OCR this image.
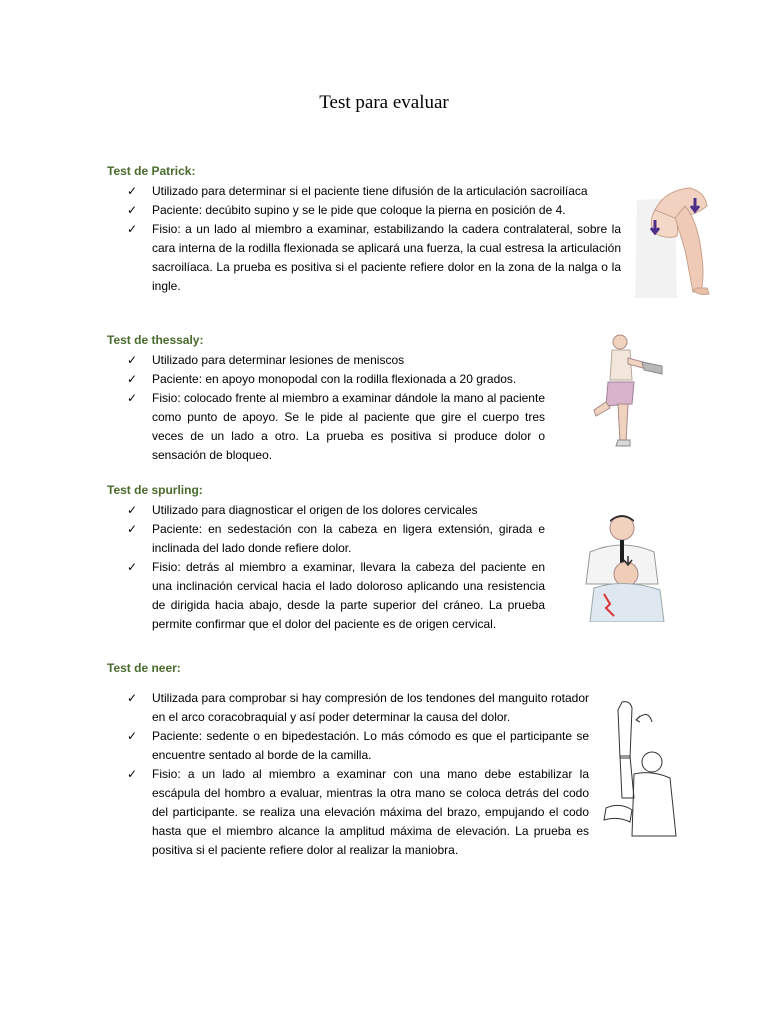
Test para evaluar
Test de Patrick:
✓	Utilizado para determinar si el paciente tiene difusión de la articulación sacroilíaca
✓	Paciente: decúbito supino y se le pide que coloque la pierna en posición de 4.
✓	Fisio: a un lado al miembro a examinar, estabilizando la cadera contralateral, sobre la cara interna de la rodilla flexionada se aplicará una fuerza, la cual estresa la articulación sacroilíaca. La prueba es positiva si el paciente refiere dolor en la zona de la nalga o la ingle.
Test de thessaly:
✓	Utilizado para determinar lesiones de meniscos
✓	Paciente: en apoyo monopodal con la rodilla flexionada a 20 grados.
✓	Fisio: colocado frente al miembro a examinar dándole la mano al paciente como punto de apoyo. Se le pide al paciente que gire el cuerpo tres veces de un lado a otro. La prueba es positiva si produce dolor o sensación de bloqueo.
Test de spurling:
✓	Utilizado para diagnosticar el origen de los dolores cervicales
✓	Paciente: en sedestación con la cabeza en ligera extensión, girada e inclinada del lado donde refiere dolor.
✓	Fisio: detrás al miembro a examinar, llevara la cabeza del paciente en una inclinación cervical hacia el lado doloroso aplicando una resistencia de dirigida hacia abajo, desde la parte superior del cráneo. La prueba permite confirmar que el dolor del paciente es de origen cervical.
Test de neer:
✓	Utilizada para comprobar si hay compresión de los tendones del manguito rotador en el arco coracobraquial y así poder determinar la causa del dolor.
✓	Paciente: sedente o en bipedestación. Lo más cómodo es que el participante se encuentre sentado al borde de la camilla.
✓	Fisio: a un lado al miembro a examinar con una mano debe estabilizar la escápula del hombro a evaluar, mientras la otra mano se coloca detrás del codo del participante. se realiza una elevación máxima del brazo, empujando el codo hasta que el miembro alcance la amplitud máxima de elevación. La prueba es positiva si el paciente refiere dolor al realizar la maniobra.
